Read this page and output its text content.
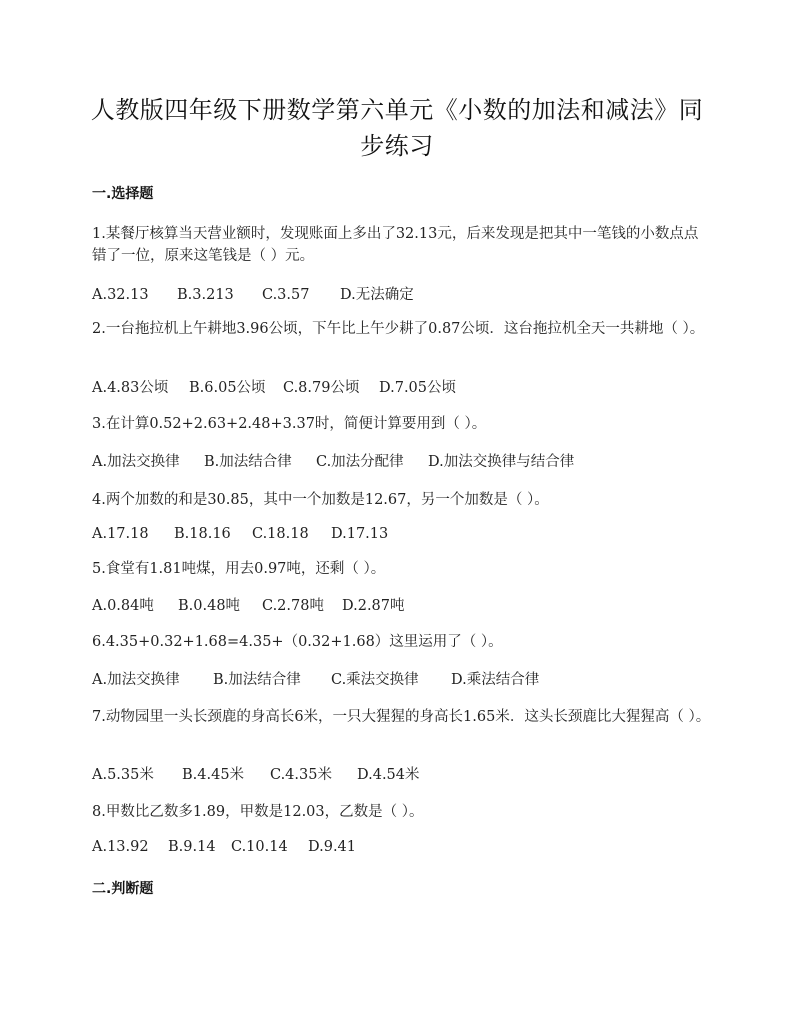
人教版四年级下册数学第六单元《小数的加法和减法》同
步练习
一.选择题
1.某餐厅核算当天营业额时，发现账面上多出了32.13元，后来发现是把其中一笔钱的小数点点错了一位，原来这笔钱是（ ）元。
A.32.13 B.3.213 C.3.57 D.无法确定
2.一台拖拉机上午耕地3.96公顷，下午比上午少耕了0.87公顷．这台拖拉机全天一共耕地（ ）。
A.4.83公顷 B.6.05公顷 C.8.79公顷 D.7.05公顷
3.在计算0.52+2.63+2.48+3.37时，简便计算要用到（ ）。
A.加法交换律 B.加法结合律 C.加法分配律 D.加法交换律与结合律
4.两个加数的和是30.85，其中一个加数是12.67，另一个加数是（ ）。
A.17.18 B.18.16 C.18.18 D.17.13
5.食堂有1.81吨煤，用去0.97吨，还剩（ ）。
A.0.84吨 B.0.48吨 C.2.78吨 D.2.87吨
6.4.35+0.32+1.68=4.35+（0.32+1.68）这里运用了（ ）。
A.加法交换律 B.加法结合律 C.乘法交换律 D.乘法结合律
7.动物园里一头长颈鹿的身高长6米，一只大猩猩的身高长1.65米．这头长颈鹿比大猩猩高（ ）。
A.5.35米 B.4.45米 C.4.35米 D.4.54米
8.甲数比乙数多1.89，甲数是12.03，乙数是（ ）。
A.13.92 B.9.14 C.10.14 D.9.41
二.判断题
